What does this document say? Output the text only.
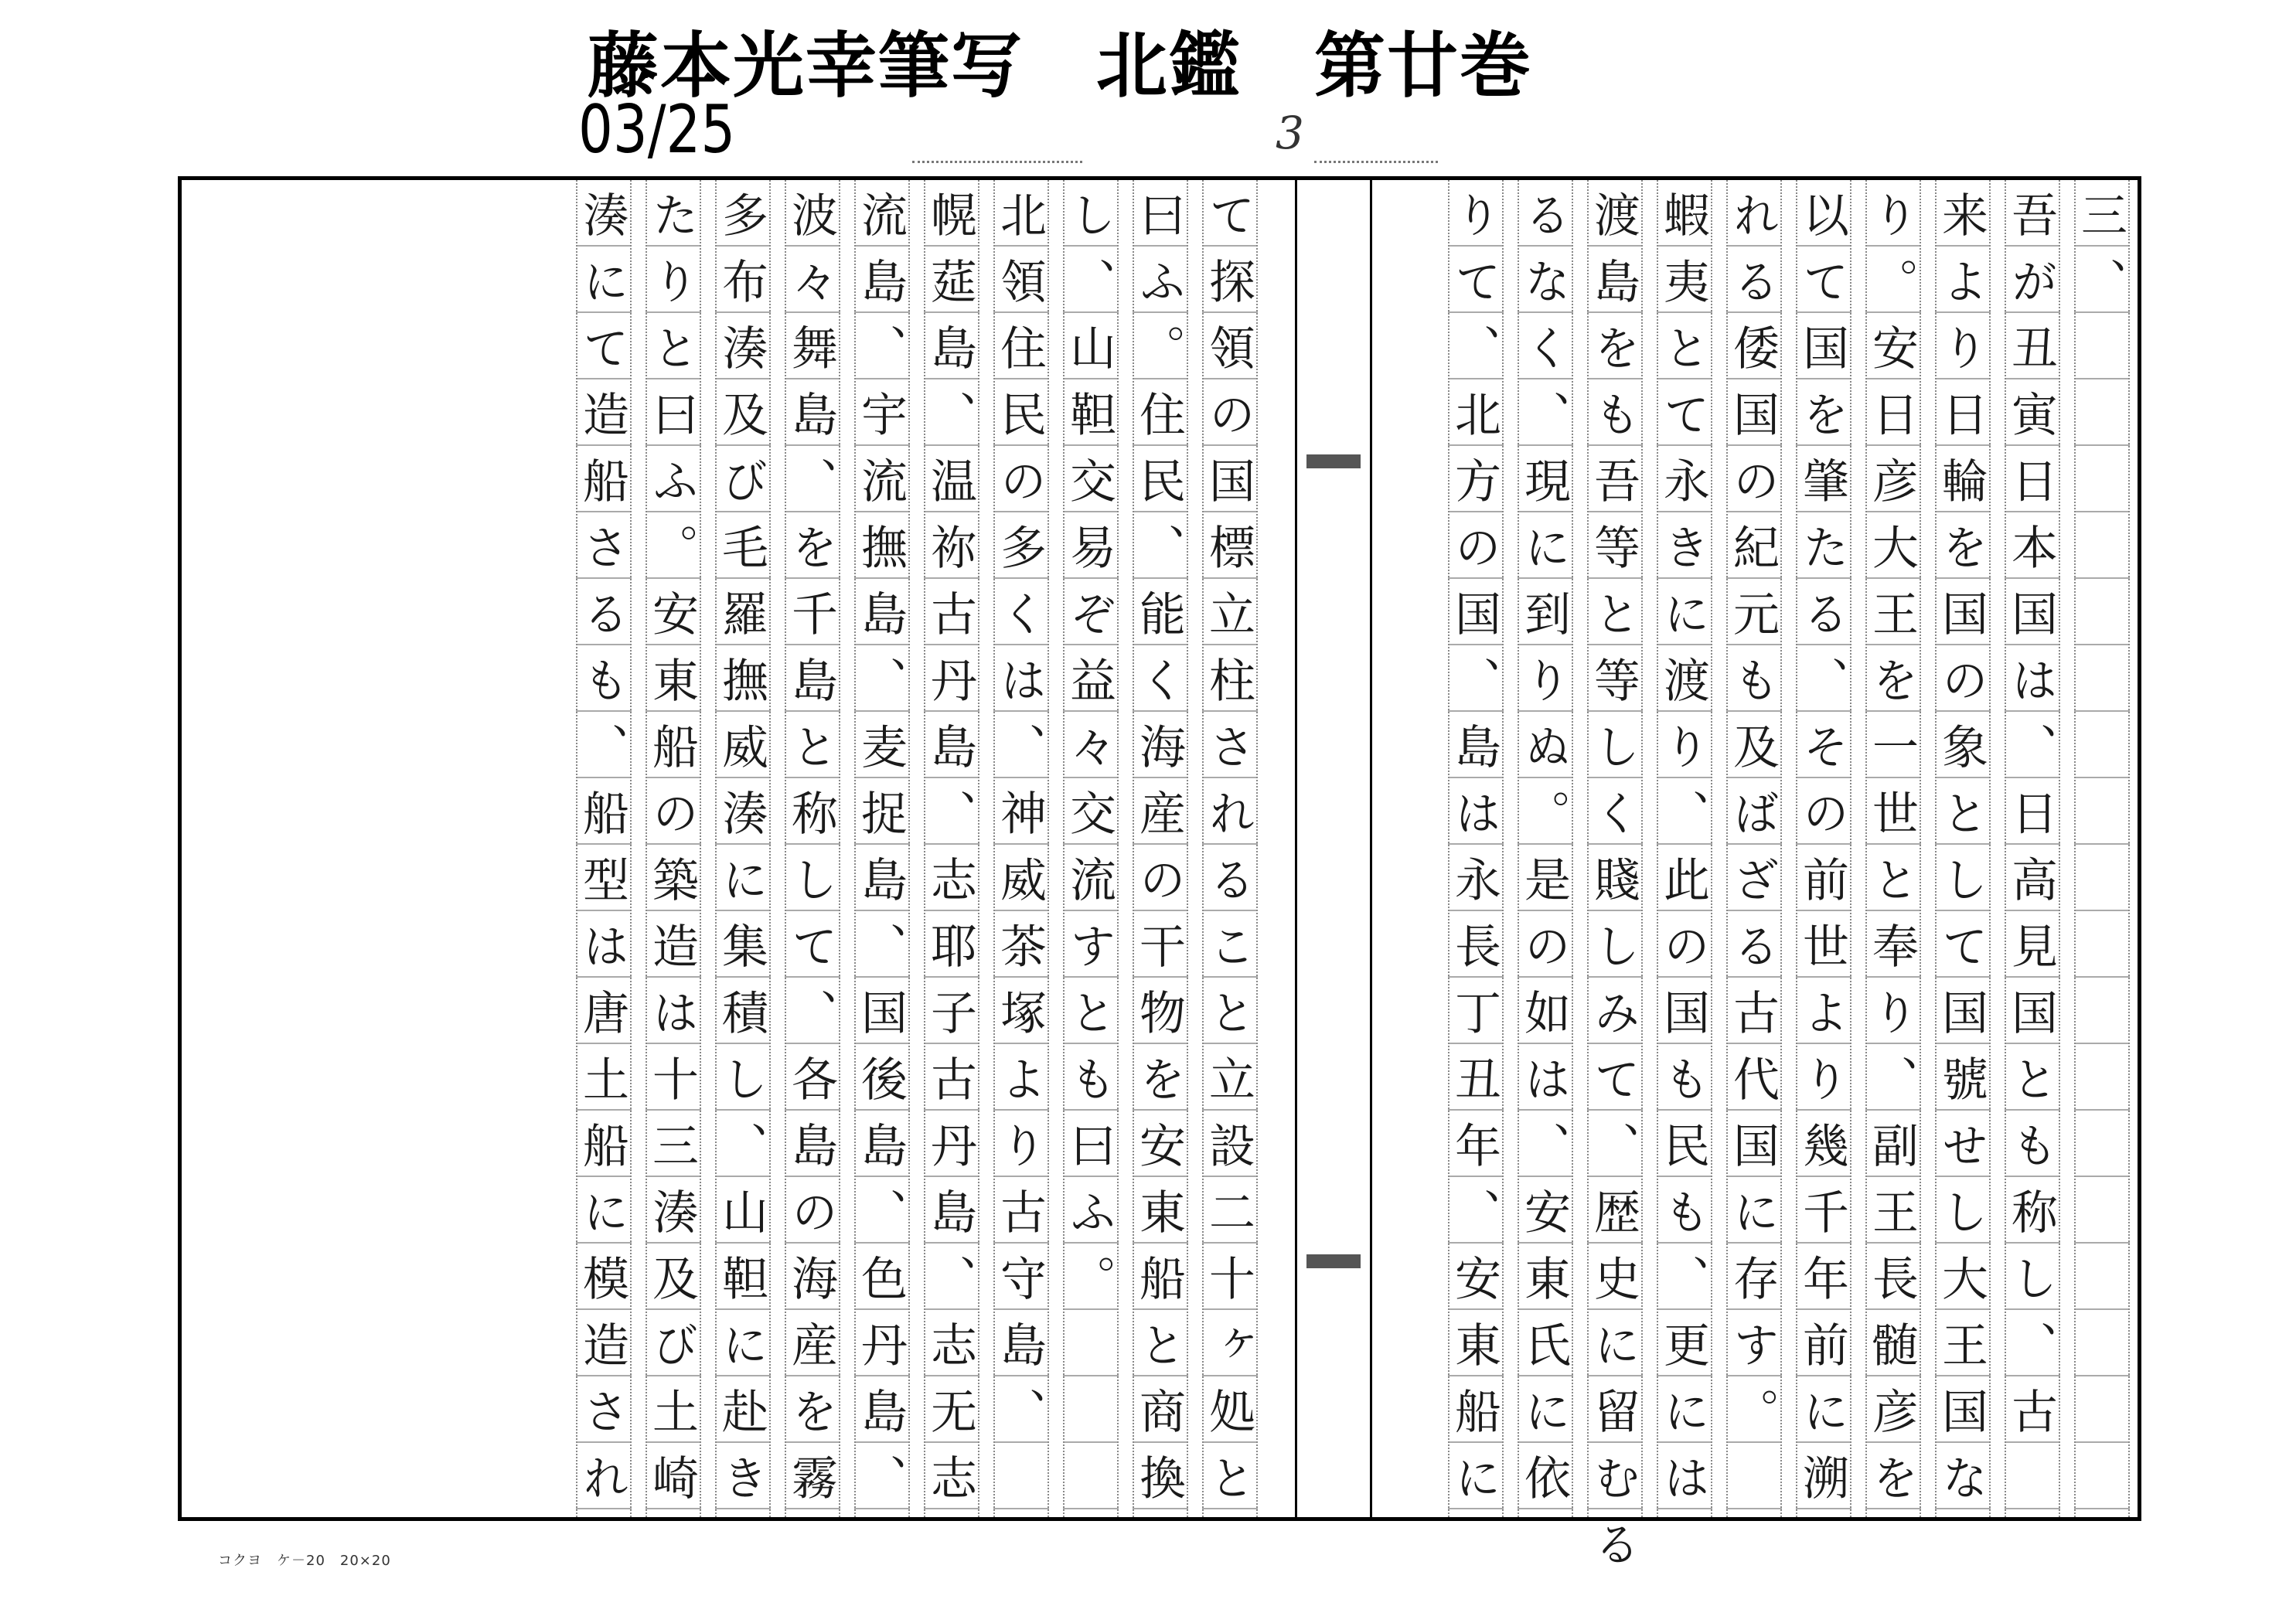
藤本光幸筆写　北鑑　第廿巻
03/25	3
三、
吾が丑寅日本国は、日高見国とも称し、古
来より日輪を国の象として国號せし大王国な
り。安日彦大王を一世と奉り、副王長髄彦を
以て国を肇たる、その前世より幾千年前に溯
れる倭国の紀元も及ばざる古代国に存す。
蝦夷とて永きに渡り、此の国も民も、更には
渡島をも吾等と等しく賤しみて、歴史に留むる
るなく、現に到りぬ。是の如は、安東氏に依
りて、北方の国、島は永長丁丑年、安東船に
て探領の国標立柱されること立設二十ヶ処と
曰ふ。住民、能く海産の干物を安東船と商換
し、山靼交易ぞ益々交流すとも曰ふ。
北領住民の多くは、神威茶塚より古守島、
幌莚島、温祢古丹島、志耶子古丹島、志无志
流島、宇流撫島、麦捉島、国後島、色丹島、
波々舞島、を千島と称して、各島の海産を霧
多布湊及び毛羅撫威湊に集積し、山靼に赴き
たりと曰ふ。安東船の築造は十三湊及び土崎
湊にて造船さるも、船型は唐土船に模造され
コクヨ　ケ－20　20×20
